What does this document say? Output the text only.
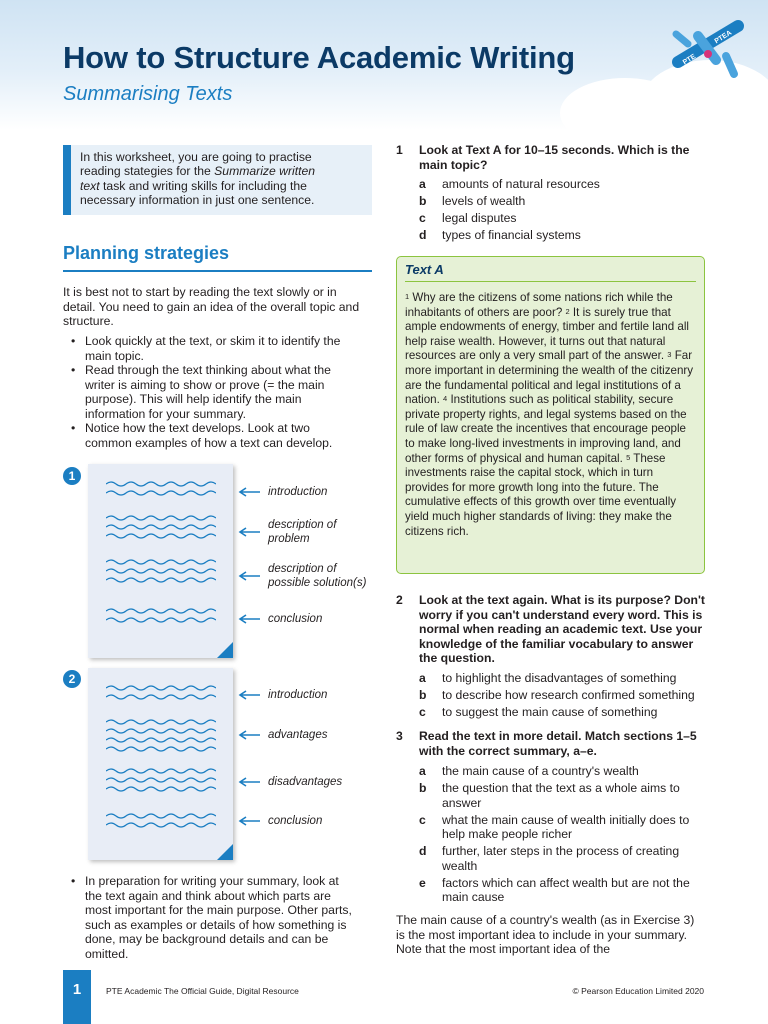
PTE
PTEA
How to Structure Academic Writing
Summarising Texts
In this worksheet, you are going to practise
reading stategies for the Summarize written
text task and writing skills for including the
necessary information in just one sentence.
Planning strategies
It is best not to start by reading the text slowly or in detail. You need to gain an idea of the overall topic and structure.
• Look quickly at the text, or skim it to identify the main topic.
• Read through the text thinking about what the writer is aiming to show or prove (= the main purpose). This will help identify the main information for your summary.
• Notice how the text develops. Look at two common examples of how a text can develop.
1
introduction
description of problem
description of possible solution(s)
conclusion
2
introduction
advantages
disadvantages
conclusion
• In preparation for writing your summary, look at the text again and think about which parts are most important for the main purpose. Other parts, such as examples or details of how something is done, may be background details and can be omitted.
1 Look at Text A for 10–15 seconds. Which is the main topic?
a amounts of natural resources
b levels of wealth
c legal disputes
d types of financial systems
Text A
$^1$ Why are the citizens of some nations rich while the inhabitants of others are poor? $^2$ It is surely true that ample endowments of energy, timber and fertile land all help raise wealth. However, it turns out that natural resources are only a very small part of the answer. $^3$ Far more important in determining the wealth of the citizenry are the fundamental political and legal institutions of a nation. $^4$ Institutions such as political stability, secure private property rights, and legal systems based on the rule of law create the incentives that encourage people to make long-lived investments in improving land, and other forms of physical and human capital. $^5$ These investments raise the capital stock, which in turn provides for more growth long into the future. The cumulative effects of this growth over time eventually yield much higher standards of living: they make the citizens rich.
2 Look at the text again. What is its purpose? Don't worry if you can't understand every word. This is normal when reading an academic text. Use your knowledge of the familiar vocabulary to answer the question.
a to highlight the disadvantages of something
b to describe how research confirmed something
c to suggest the main cause of something
3 Read the text in more detail. Match sections 1–5 with the correct summary, a–e.
a the main cause of a country's wealth
b the question that the text as a whole aims to answer
c what the main cause of wealth initially does to help make people richer
d further, later steps in the process of creating wealth
e factors which can affect wealth but are not the main cause
The main cause of a country's wealth (as in Exercise 3) is the most important idea to include in your summary. Note that the most important idea of the
1	PTE Academic The Official Guide, Digital Resource	© Pearson Education Limited 2020
